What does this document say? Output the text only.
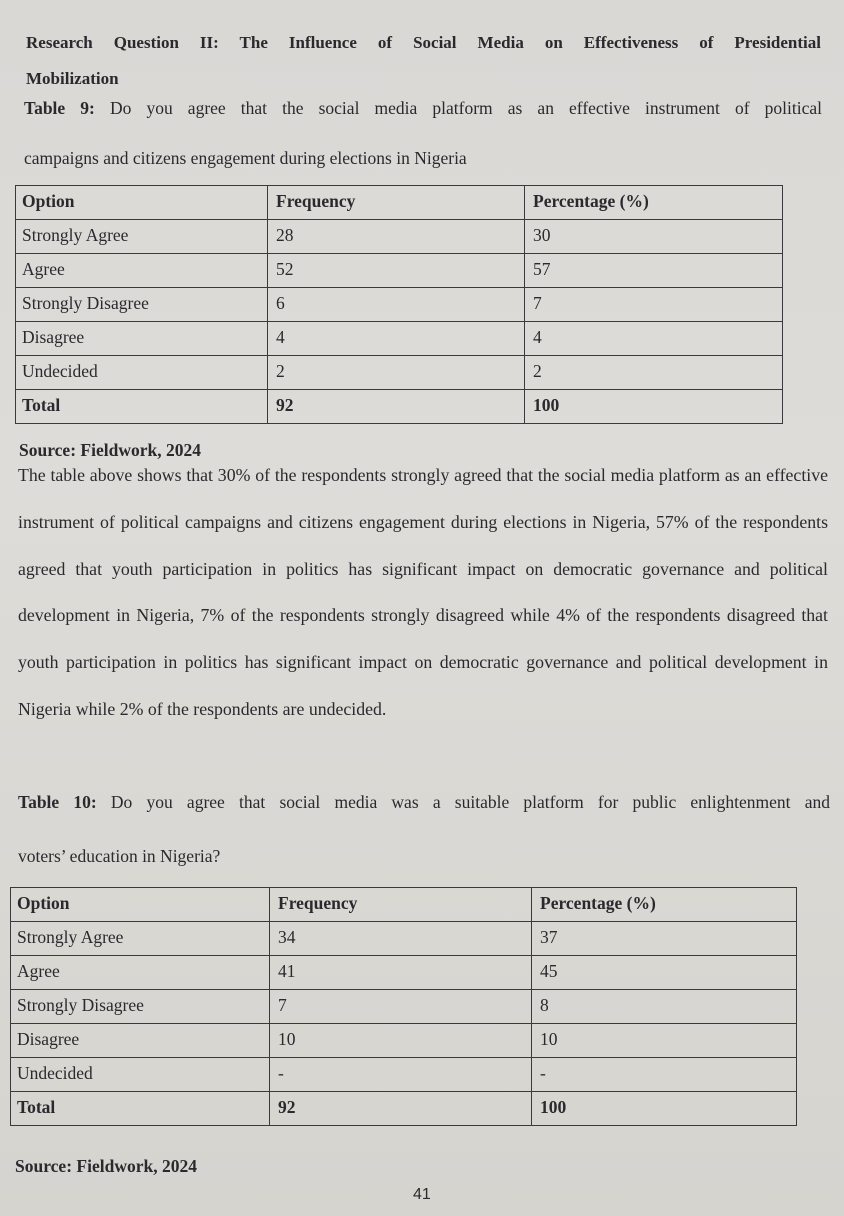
Research Question II: The Influence of Social Media on Effectiveness of Presidential
Mobilization
Table 9: Do you agree that the social media platform as an effective instrument of political
campaigns and citizens engagement during elections in Nigeria
Option	Frequency	Percentage (%)
Strongly Agree	28	30
Agree	52	57
Strongly Disagree	6	7
Disagree	4	4
Undecided	2	2
Total	92	100
Source: Fieldwork, 2024
The table above shows that 30% of the respondents strongly agreed that the social media platform as an effective instrument of political campaigns and citizens engagement during elections in Nigeria, 57% of the respondents agreed that youth participation in politics has significant impact on democratic governance and political development in Nigeria, 7% of the respondents strongly disagreed while 4% of the respondents disagreed that youth participation in politics has significant impact on democratic governance and political development in Nigeria while 2% of the respondents are undecided.
Table 10: Do you agree that social media was a suitable platform for public enlightenment and
voters’ education in Nigeria?
Option	Frequency	Percentage (%)
Strongly Agree	34	37
Agree	41	45
Strongly Disagree	7	8
Disagree	10	10
Undecided	-	-
Total	92	100
Source: Fieldwork, 2024
41
